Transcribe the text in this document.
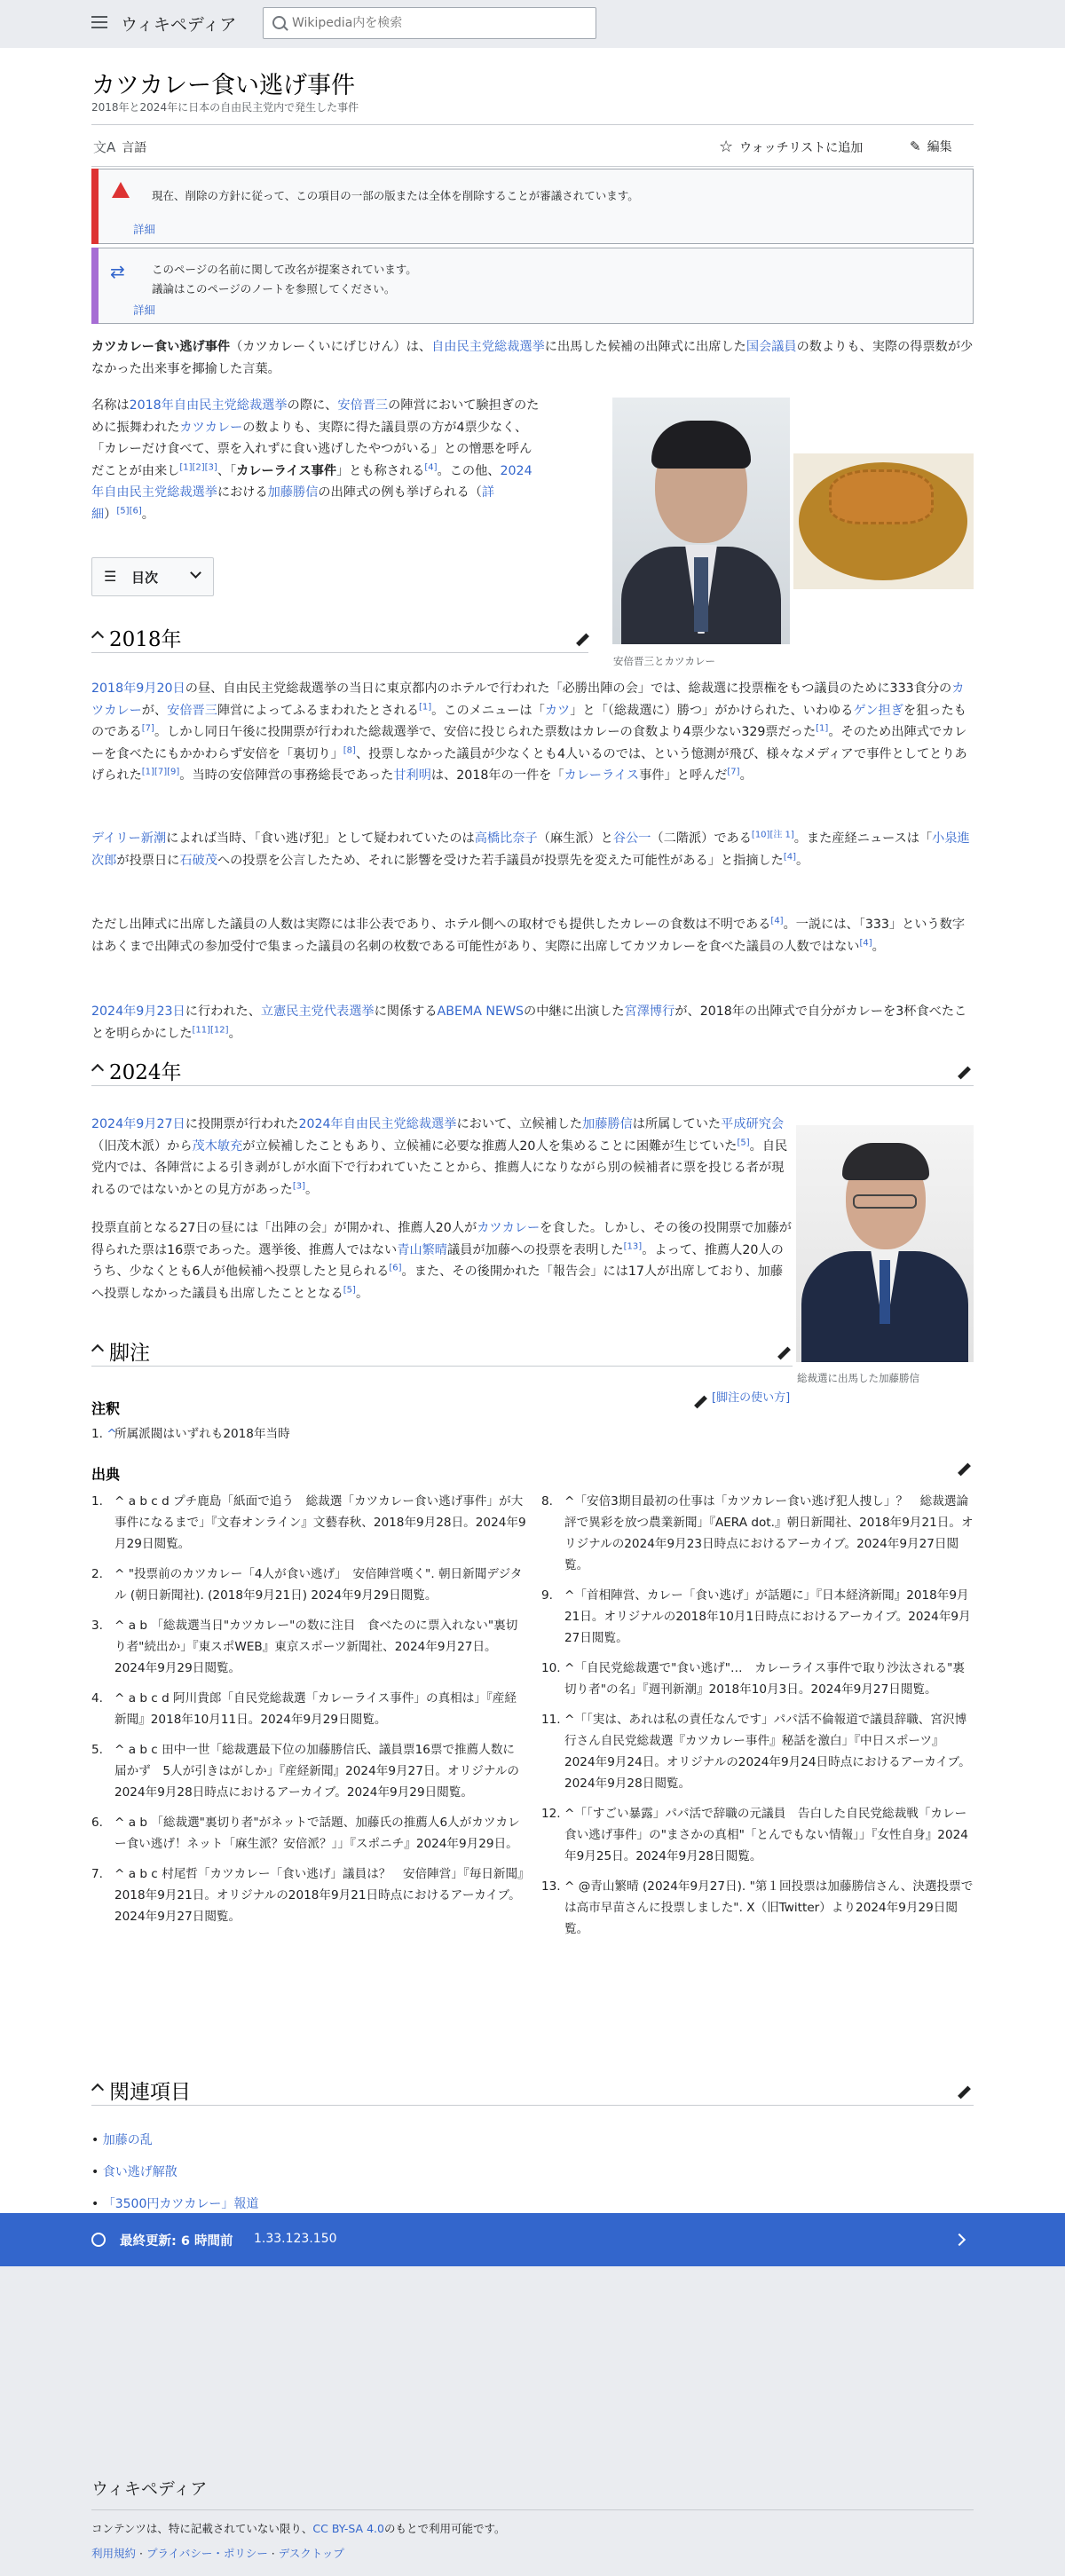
ウィキペディア
Wikipedia内を検索
カツカレー食い逃げ事件
2018年と2024年に日本の自由民主党内で発生した事件
文A 言語	☆ ウォッチリストに追加	✎ 編集
現在、削除の方針に従って、この項目の一部の版または全体を削除することが審議されています。
詳細
⇄ このページの名前に関して改名が提案されています。
議論はこのページのノートを参照してください。
詳細
カツカレー食い逃げ事件（カツカレーくいにげじけん）は、自由民主党総裁選挙に出馬した候補の出陣式に出席した国会議員の数よりも、実際の得票数が少なかった出来事を揶揄した言葉。
名称は2018年自由民主党総裁選挙の際に、安倍晋三の陣営において験担ぎのた
めに振舞われたカツカレーの数よりも、実際に得た議員票の方が4票少なく、
「カレーだけ食べて、票を入れずに食い逃げしたやつがいる」との憎悪を呼ん
だことが由来し[1][2][3]、「カレーライス事件」とも称される[4]。この他、2024
年自由民主党総裁選挙における加藤勝信の出陣式の例も挙げられる（詳
細）[5][6]。
安倍晋三とカツカレー
☰ 目次
2018年
2018年9月20日の昼、自由民主党総裁選挙の当日に東京都内のホテルで行われた「必勝出陣の会」では、総裁選に投票権をもつ議員のために333食分のカツカレーが、安倍晋三陣営によってふるまわれたとされる[1]。このメニューは「カツ」と「（総裁選に）勝つ」がかけられた、いわゆるゲン担ぎを狙ったものである[7]。しかし同日午後に投開票が行われた総裁選挙で、安倍に投じられた票数はカレーの食数より4票少ない329票だった[1]。そのため出陣式でカレーを食べたにもかかわらず安倍を「裏切り」[8]、投票しなかった議員が少なくとも4人いるのでは、という憶測が飛び、様々なメディアで事件としてとりあげられた[1][7][9]。当時の安倍陣営の事務総長であった甘利明は、2018年の一件を「カレーライス事件」と呼んだ[7]。
デイリー新潮によれば当時、「食い逃げ犯」として疑われていたのは高橋比奈子（麻生派）と谷公一（二階派）である[10][注 1]。また産経ニュースは「小泉進次郎が投票日に石破茂への投票を公言したため、それに影響を受けた若手議員が投票先を変えた可能性がある」と指摘した[4]。
ただし出陣式に出席した議員の人数は実際には非公表であり、ホテル側への取材でも提供したカレーの食数は不明である[4]。一説には、「333」という数字はあくまで出陣式の参加受付で集まった議員の名刺の枚数である可能性があり、実際に出席してカツカレーを食べた議員の人数ではない[4]。
2024年9月23日に行われた、立憲民主党代表選挙に関係するABEMA NEWSの中継に出演した宮澤博行が、2018年の出陣式で自分がカレーを3杯食べたことを明らかにした[11][12]。
2024年
2024年9月27日に投開票が行われた2024年自由民主党総裁選挙において、立候補した加藤勝信は所属していた平成研究会（旧茂木派）から茂木敏充が立候補したこともあり、立候補に必要な推薦人20人を集めることに困難が生じていた[5]。自民党内では、各陣営による引き剥がしが水面下で行われていたことから、推薦人になりながら別の候補者に票を投じる者が現れるのではないかとの見方があった[3]。
投票直前となる27日の昼には「出陣の会」が開かれ、推薦人20人がカツカレーを食した。しかし、その後の投開票で加藤が得られた票は16票であった。選挙後、推薦人ではない青山繁晴議員が加藤への投票を表明した[13]。よって、推薦人20人のうち、少なくとも6人が他候補へ投票したと見られる[6]。また、その後開かれた「報告会」には17人が出席しており、加藤へ投票しなかった議員も出席したこととなる[5]。
総裁選に出馬した加藤勝信
脚注
注釈
[脚注の使い方]
1. ^
所属派閥はいずれも2018年当時
出典
1. ^ a b c d プチ鹿島「紙面で追う　総裁選「カツカレー食い逃げ事件」が大事件になるまで」『文春オンライン』文藝春秋、2018年9月28日。2024年9月29日閲覧。
2. ^ "投票前のカツカレー「4人が食い逃げ」　安倍陣営嘆く". 朝日新聞デジタル (朝日新聞社). (2018年9月21日) 2024年9月29日閲覧。
3. ^ a b 「総裁選当日"カツカレー"の数に注目　食べたのに票入れない"裏切り者"続出か」『東スポWEB』東京スポーツ新聞社、2024年9月27日。2024年9月29日閲覧。
4. ^ a b c d 阿川貴郎「自民党総裁選「カレーライス事件」の真相は」『産経新聞』2018年10月11日。2024年9月29日閲覧。
5. ^ a b c 田中一世「総裁選最下位の加藤勝信氏、議員票16票で推薦人数に届かず　5人が引きはがしか」『産経新聞』2024年9月27日。オリジナルの2024年9月28日時点におけるアーカイブ。2024年9月29日閲覧。
6. ^ a b 「総裁選"裏切り者"がネットで話題、加藤氏の推薦人6人がカツカレー食い逃げ！ネット「麻生派？安倍派？」」『スポニチ』2024年9月29日。
7. ^ a b c 村尾哲「カツカレー「食い逃げ」議員は？　安倍陣営」『毎日新聞』2018年9月21日。オリジナルの2018年9月21日時点におけるアーカイブ。2024年9月27日閲覧。
8. ^「安倍3期目最初の仕事は「カツカレー食い逃げ犯人捜し」？　総裁選論評で異彩を放つ農業新聞」『AERA dot.』朝日新聞社、2018年9月21日。オリジナルの2024年9月23日時点におけるアーカイブ。2024年9月27日閲覧。
9. ^「首相陣営、カレー「食い逃げ」が話題に」『日本経済新聞』2018年9月21日。オリジナルの2018年10月1日時点におけるアーカイブ。2024年9月27日閲覧。
10. ^「自民党総裁選で"食い逃げ"…　カレーライス事件で取り沙汰される"裏切り者"の名」『週刊新潮』2018年10月3日。2024年9月27日閲覧。
11. ^「「実は、あれは私の責任なんです」パパ活不倫報道で議員辞職、宮沢博行さん自民党総裁選『カツカレー事件』秘話を激白」『中日スポーツ』2024年9月24日。オリジナルの2024年9月24日時点におけるアーカイブ。2024年9月28日閲覧。
12. ^「「すごい暴露」パパ活で辞職の元議員　告白した自民党総裁戦「カレー食い逃げ事件」の"まさかの真相"「とんでもない情報」」『女性自身』2024年9月25日。2024年9月28日閲覧。
13. ^ @青山繁晴 (2024年9月27日). "第１回投票は加藤勝信さん、決選投票では高市早苗さんに投票しました". X（旧Twitter）より2024年9月29日閲覧。
関連項目
• 加藤の乱
• 食い逃げ解散
• 「3500円カツカレー」報道
最終更新: 6 時間前 1.33.123.150
ウィキペディア
コンテンツは、特に記載されていない限り、CC BY-SA 4.0のもとで利用可能です。
利用規約 · プライバシー・ポリシー · デスクトップ
